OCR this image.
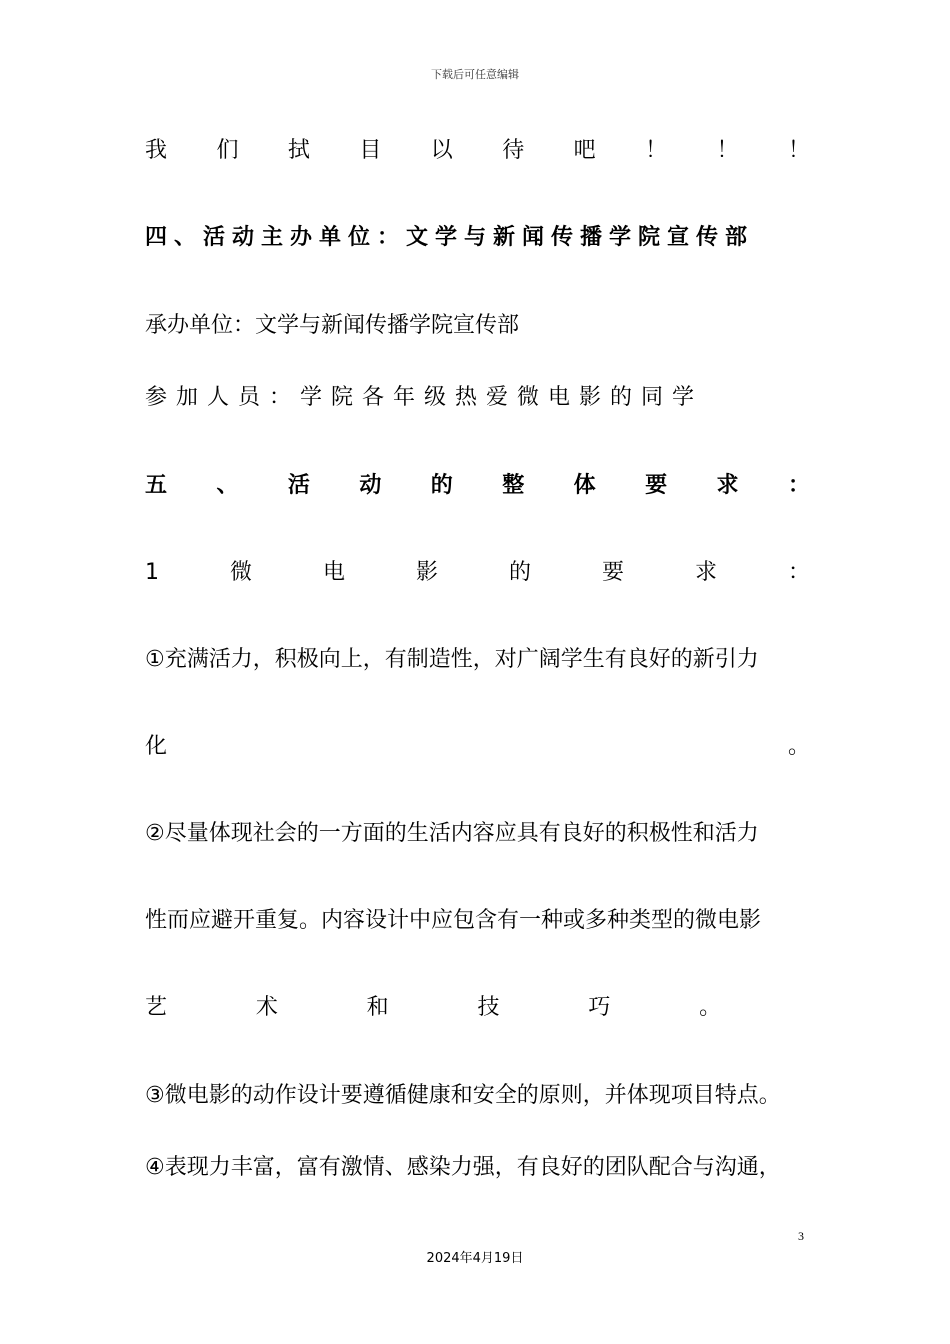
下载后可任意编辑
我 们 拭 目 以 待 吧 ！ ！ ！
四、活动主办单位：文学与新闻传播学院宣传部
承办单位：文学与新闻传播学院宣传部
参加人员：学院各年级热爱微电影的同学
五 、 活 动 的 整 体 要 求 ：
1	微	电	影	的	要	求	：
①充满活力，积极向上，有制造性，对广阔学生有良好的新引力
化	。
②尽量体现社会的一方面的生活内容应具有良好的积极性和活力
性而应避开重复。内容设计中应包含有一种或多种类型的微电影
艺	术	和	技	巧	。
③微电影的动作设计要遵循健康和安全的原则，并体现项目特点。
④表现力丰富，富有激情、感染力强，有良好的团队配合与沟通，
3
2024年4月19日
